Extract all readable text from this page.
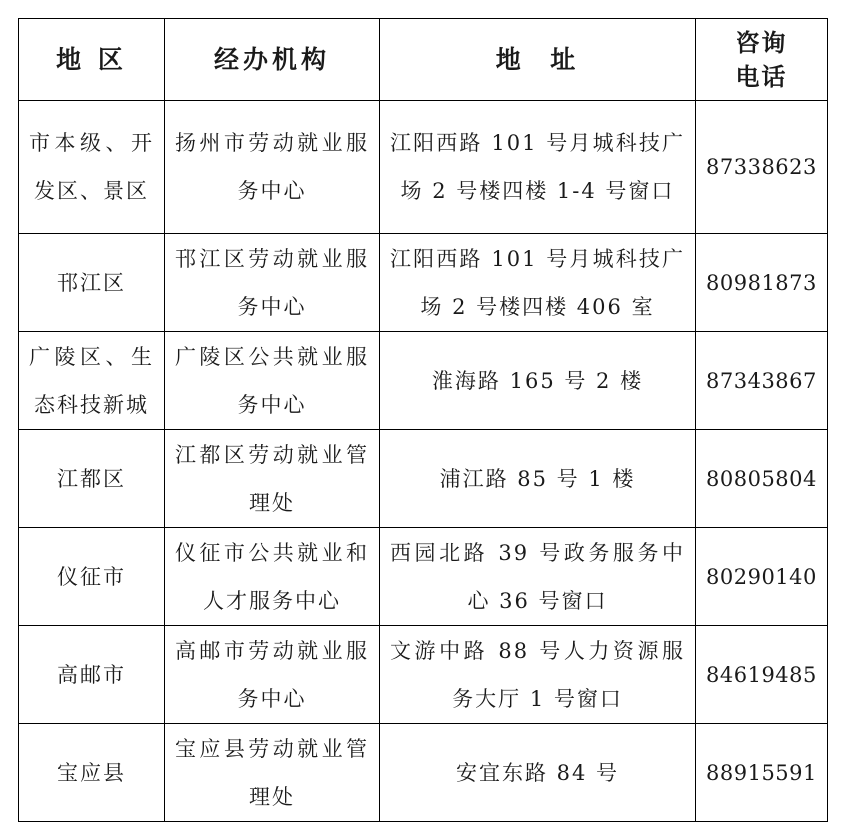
地 区	经办机构	地  址	咨询
电话

市本级、开发区、景区	扬州市劳动就业服务中心	江阳西路 101 号月城科技广场 2 号楼四楼 1-4 号窗口	87338623
邗江区	邗江区劳动就业服务中心	江阳西路 101 号月城科技广场 2 号楼四楼 406 室	80981873
广陵区、生态科技新城	广陵区公共就业服务中心	淮海路 165 号 2 楼	87343867
江都区	江都区劳动就业管理处	浦江路 85 号 1 楼	80805804
仪征市	仪征市公共就业和人才服务中心	西园北路 39 号政务服务中心 36 号窗口	80290140
高邮市	高邮市劳动就业服务中心	文游中路 88 号人力资源服务大厅 1 号窗口	84619485
宝应县	宝应县劳动就业管理处	安宜东路 84 号	88915591
